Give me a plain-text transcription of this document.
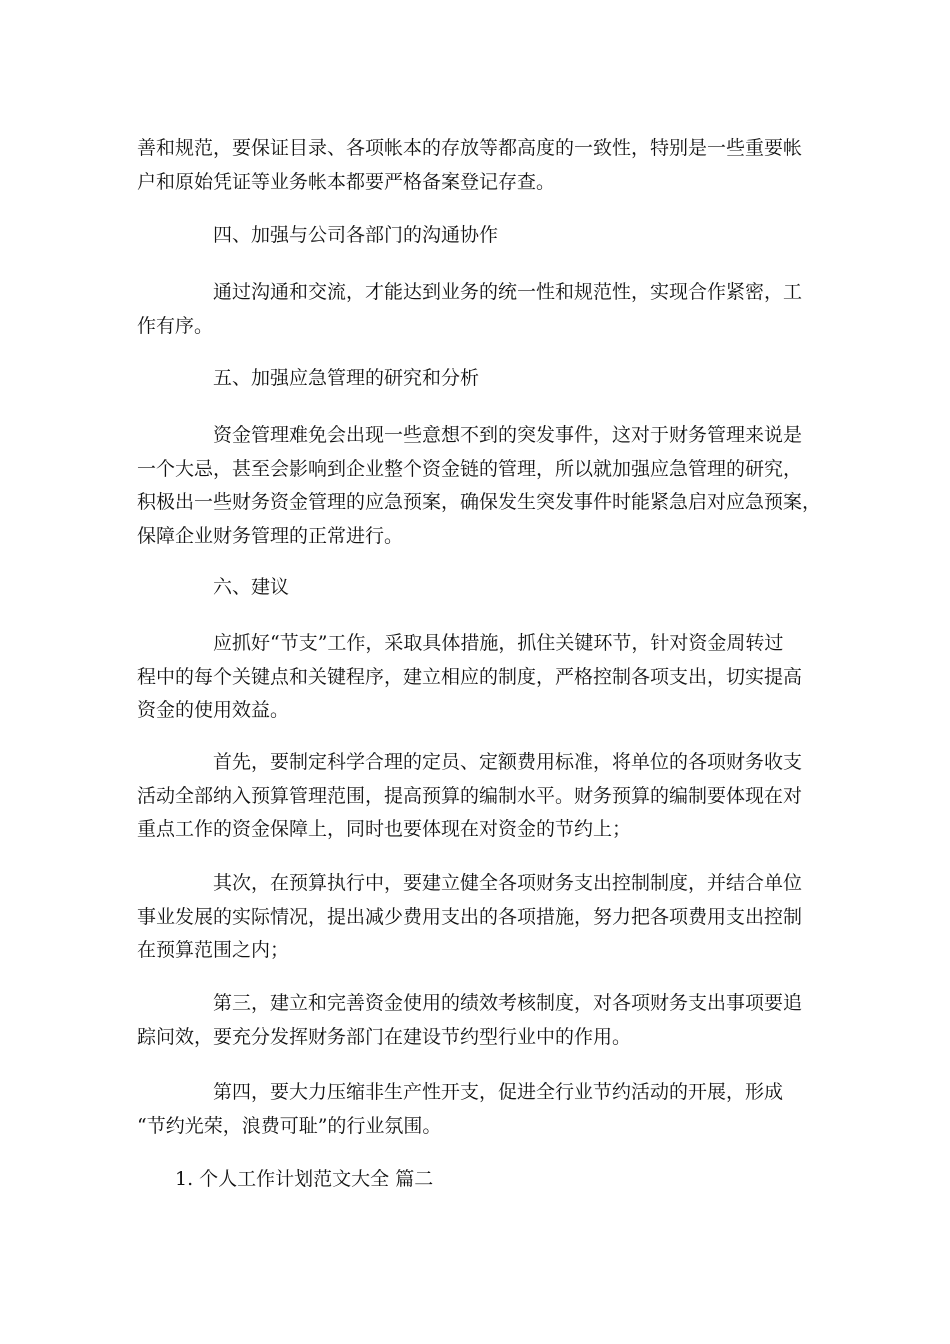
善和规范，要保证目录、各项帐本的存放等都高度的一致性，特别是一些重要帐
户和原始凭证等业务帐本都要严格备案登记存查。
四、加强与公司各部门的沟通协作
通过沟通和交流，才能达到业务的统一性和规范性，实现合作紧密，工
作有序。
五、加强应急管理的研究和分析
资金管理难免会出现一些意想不到的突发事件，这对于财务管理来说是
一个大忌，甚至会影响到企业整个资金链的管理，所以就加强应急管理的研究，
积极出一些财务资金管理的应急预案，确保发生突发事件时能紧急启对应急预案，
保障企业财务管理的正常进行。
六、建议
应抓好“节支”工作，采取具体措施，抓住关键环节，针对资金周转过
程中的每个关键点和关键程序，建立相应的制度，严格控制各项支出，切实提高
资金的使用效益。
首先，要制定科学合理的定员、定额费用标准，将单位的各项财务收支
活动全部纳入预算管理范围，提高预算的编制水平。财务预算的编制要体现在对
重点工作的资金保障上，同时也要体现在对资金的节约上；
其次，在预算执行中，要建立健全各项财务支出控制制度，并结合单位
事业发展的实际情况，提出减少费用支出的各项措施，努力把各项费用支出控制
在预算范围之内；
第三，建立和完善资金使用的绩效考核制度，对各项财务支出事项要追
踪问效，要充分发挥财务部门在建设节约型行业中的作用。
第四，要大力压缩非生产性开支，促进全行业节约活动的开展，形成
“节约光荣，浪费可耻”的行业氛围。
1. 个人工作计划范文大全 篇二
